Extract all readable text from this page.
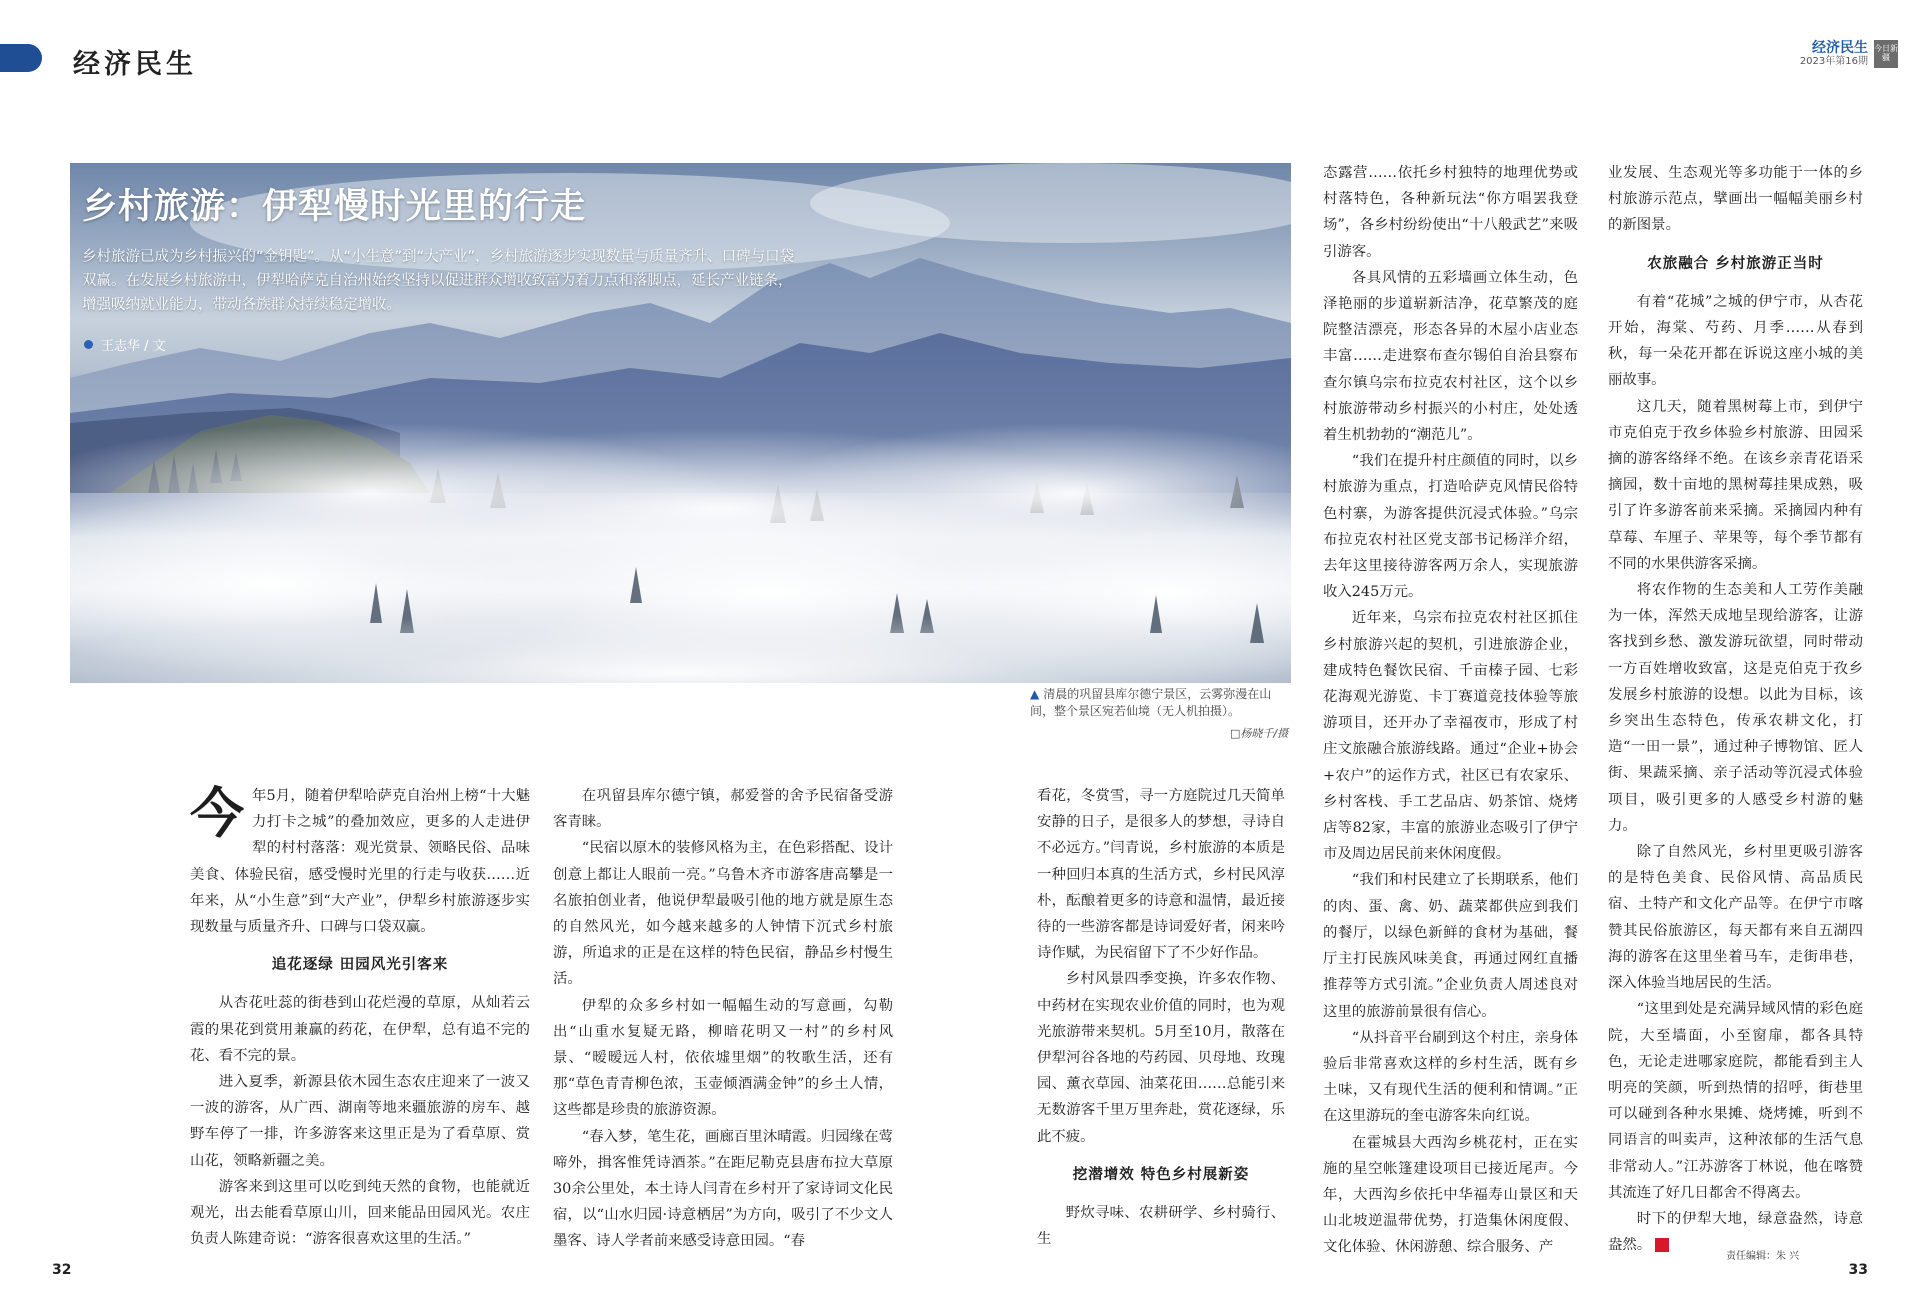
经济民生
经济民生
2023年第16期
今日新疆
乡村旅游：伊犁慢时光里的行走
乡村旅游已成为乡村振兴的“金钥匙”。从“小生意”到“大产业”，乡村旅游逐步实现数量与质量齐升、口碑与口袋双赢。在发展乡村旅游中，伊犁哈萨克自治州始终坚持以促进群众增收致富为着力点和落脚点，延长产业链条，增强吸纳就业能力，带动各族群众持续稳定增收。
王志华 / 文
▲ 清晨的巩留县库尔德宁景区，云雾弥漫在山间，整个景区宛若仙境（无人机拍摄）。
□杨晓千/摄

今年5月，随着伊犁哈萨克自治州上榜“十大魅力打卡之城”的叠加效应，更多的人走进伊犁的村村落落：观光赏景、领略民俗、品味美食、体验民宿，感受慢时光里的行走与收获……近年来，从“小生意”到“大产业”，伊犁乡村旅游逐步实现数量与质量齐升、口碑与口袋双赢。

追花逐绿 田园风光引客来

从杏花吐蕊的街巷到山花烂漫的草原，从灿若云霞的果花到赏用兼赢的药花，在伊犁，总有追不完的花、看不完的景。

进入夏季，新源县依木园生态农庄迎来了一波又一波的游客，从广西、湖南等地来疆旅游的房车、越野车停了一排，许多游客来这里正是为了看草原、赏山花，领略新疆之美。

游客来到这里可以吃到纯天然的食物，也能就近观光，出去能看草原山川，回来能品田园风光。农庄负责人陈建奇说：“游客很喜欢这里的生活。”

在巩留县库尔德宁镇，郝爱誉的舍予民宿备受游客青睐。

“民宿以原木的装修风格为主，在色彩搭配、设计创意上都让人眼前一亮。”乌鲁木齐市游客唐高攀是一名旅拍创业者，他说伊犁最吸引他的地方就是原生态的自然风光，如今越来越多的人钟情下沉式乡村旅游，所追求的正是在这样的特色民宿，静品乡村慢生活。

伊犁的众多乡村如一幅幅生动的写意画，勾勒出“山重水复疑无路，柳暗花明又一村”的乡村风景、“暧暧远人村，依依墟里烟”的牧歌生活，还有那“草色青青柳色浓，玉壶倾酒满金钟”的乡土人情，这些都是珍贵的旅游资源。

“春入梦，笔生花，画廊百里沐晴霞。归园缘在莺啼外，揖客惟凭诗酒茶。”在距尼勒克县唐布拉大草原30余公里处，本土诗人闫青在乡村开了家诗词文化民宿，以“山水归园·诗意栖居”为方向，吸引了不少文人墨客、诗人学者前来感受诗意田园。“春

看花，冬赏雪，寻一方庭院过几天简单安静的日子，是很多人的梦想，寻诗自不必远方。”闫青说，乡村旅游的本质是一种回归本真的生活方式，乡村民风淳朴，酝酿着更多的诗意和温情，最近接待的一些游客都是诗词爱好者，闲来吟诗作赋，为民宿留下了不少好作品。

乡村风景四季变换，许多农作物、中药材在实现农业价值的同时，也为观光旅游带来契机。5月至10月，散落在伊犁河谷各地的芍药园、贝母地、玫瑰园、薰衣草园、油菜花田……总能引来无数游客千里万里奔赴，赏花逐绿，乐此不疲。

挖潜增效 特色乡村展新姿

野炊寻味、农耕研学、乡村骑行、生

态露营……依托乡村独特的地理优势或村落特色，各种新玩法“你方唱罢我登场”，各乡村纷纷使出“十八般武艺”来吸引游客。

各具风情的五彩墙画立体生动，色泽艳丽的步道崭新洁净，花草繁茂的庭院整洁漂亮，形态各异的木屋小店业态丰富……走进察布查尔锡伯自治县察布查尔镇乌宗布拉克农村社区，这个以乡村旅游带动乡村振兴的小村庄，处处透着生机勃勃的“潮范儿”。

“我们在提升村庄颜值的同时，以乡村旅游为重点，打造哈萨克风情民俗特色村寨，为游客提供沉浸式体验。”乌宗布拉克农村社区党支部书记杨洋介绍，去年这里接待游客两万余人，实现旅游收入245万元。

近年来，乌宗布拉克农村社区抓住乡村旅游兴起的契机，引进旅游企业，建成特色餐饮民宿、千亩榛子园、七彩花海观光游览、卡丁赛道竞技体验等旅游项目，还开办了幸福夜市，形成了村庄文旅融合旅游线路。通过“企业+协会+农户”的运作方式，社区已有农家乐、乡村客栈、手工艺品店、奶茶馆、烧烤店等82家，丰富的旅游业态吸引了伊宁市及周边居民前来休闲度假。

“我们和村民建立了长期联系，他们的肉、蛋、禽、奶、蔬菜都供应到我们的餐厅，以绿色新鲜的食材为基础，餐厅主打民族风味美食，再通过网红直播推荐等方式引流。”企业负责人周述良对这里的旅游前景很有信心。

“从抖音平台刷到这个村庄，亲身体验后非常喜欢这样的乡村生活，既有乡土味，又有现代生活的便利和情调。”正在这里游玩的奎屯游客朱向红说。

在霍城县大西沟乡桃花村，正在实施的星空帐篷建设项目已接近尾声。今年，大西沟乡依托中华福寿山景区和天山北坡逆温带优势，打造集休闲度假、文化体验、休闲游憩、综合服务、产

业发展、生态观光等多功能于一体的乡村旅游示范点，擘画出一幅幅美丽乡村的新图景。

农旅融合 乡村旅游正当时

有着“花城”之城的伊宁市，从杏花开始，海棠、芍药、月季……从春到秋，每一朵花开都在诉说这座小城的美丽故事。

这几天，随着黑树莓上市，到伊宁市克伯克于孜乡体验乡村旅游、田园采摘的游客络绎不绝。在该乡亲青花语采摘园，数十亩地的黑树莓挂果成熟，吸引了许多游客前来采摘。采摘园内种有草莓、车厘子、苹果等，每个季节都有不同的水果供游客采摘。

将农作物的生态美和人工劳作美融为一体，浑然天成地呈现给游客，让游客找到乡愁、激发游玩欲望，同时带动一方百姓增收致富，这是克伯克于孜乡发展乡村旅游的设想。以此为目标，该乡突出生态特色，传承农耕文化，打造“一田一景”，通过种子博物馆、匠人街、果蔬采摘、亲子活动等沉浸式体验项目，吸引更多的人感受乡村游的魅力。

除了自然风光，乡村里更吸引游客的是特色美食、民俗风情、高品质民宿、土特产和文化产品等。在伊宁市喀赞其民俗旅游区，每天都有来自五湖四海的游客在这里坐着马车，走街串巷，深入体验当地居民的生活。

“这里到处是充满异域风情的彩色庭院，大至墙面，小至窗扉，都各具特色，无论走进哪家庭院，都能看到主人明亮的笑颜，听到热情的招呼，街巷里可以碰到各种水果摊、烧烤摊，听到不同语言的叫卖声，这种浓郁的生活气息非常动人。”江苏游客丁林说，他在喀赞其流连了好几日都舍不得离去。

时下的伊犁大地，绿意盎然，诗意盎然。

32	33
责任编辑：朱 兴
